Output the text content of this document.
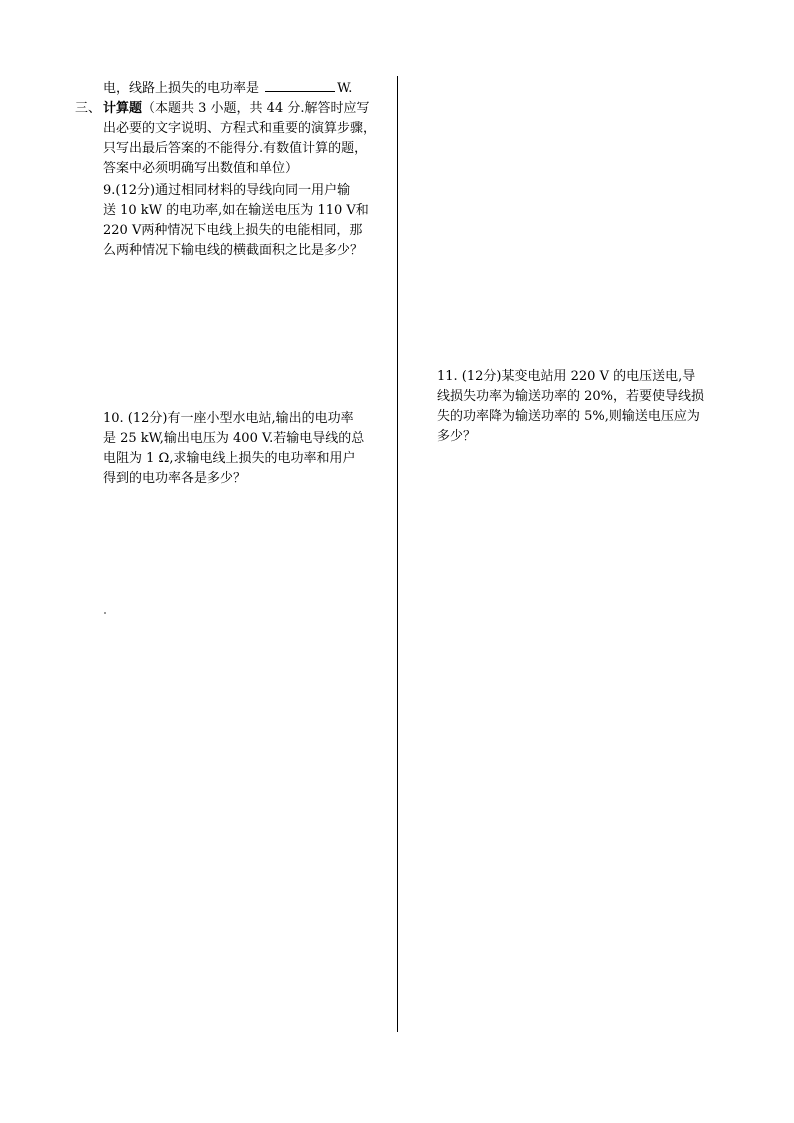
电，线路上损失的电功率是	W.
三、 计算题（本题共 3 小题，共 44 分.解答时应写
出必要的文字说明、方程式和重要的演算步骤，
只写出最后答案的不能得分.有数值计算的题，
答案中必须明确写出数值和单位）
9.(12分)通过相同材料的导线向同一用户输
送 10 kW 的电功率,如在输送电压为 110 V和
220 V两种情况下电线上损失的电能相同，那
么两种情况下输电线的横截面积之比是多少？
10. (12分)有一座小型水电站,输出的电功率
是 25 kW,输出电压为 400 V.若输电导线的总
电阻为 1 Ω,求输电线上损失的电功率和用户
得到的电功率各是多少？
11. (12分)某变电站用 220 V 的电压送电,导
线损失功率为输送功率的 20%，若要使导线损
失的功率降为输送功率的 5%,则输送电压应为
多少？
